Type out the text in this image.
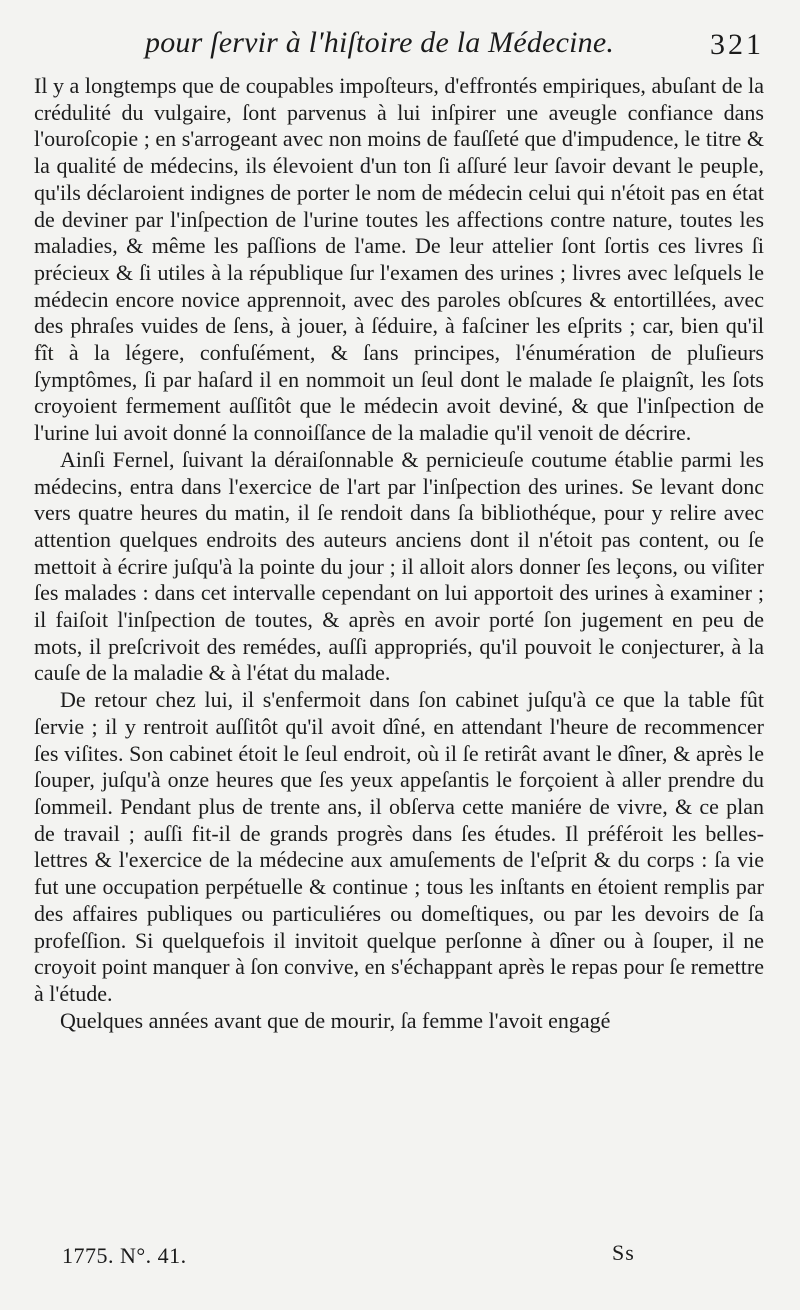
pour ſervir à l'hiſtoire de la Médecine.	321

Il y a longtemps que de coupables impoſteurs, d'effrontés empiriques, abuſant de la crédulité du vulgaire, ſont parvenus à lui inſpirer une aveugle confiance dans l'ouroſcopie ; en s'arrogeant avec non moins de fauſſeté que d'impudence, le titre & la qualité de médecins, ils élevoient d'un ton ſi aſſuré leur ſavoir devant le peuple, qu'ils déclaroient indignes de porter le nom de médecin celui qui n'étoit pas en état de deviner par l'inſpection de l'urine toutes les affections contre nature, toutes les maladies, & même les paſſions de l'ame. De leur attelier ſont ſortis ces livres ſi précieux & ſi utiles à la république ſur l'examen des urines ; livres avec leſquels le médecin encore novice apprennoit, avec des paroles obſcures & entortillées, avec des phraſes vuides de ſens, à jouer, à ſéduire, à faſciner les eſprits ; car, bien qu'il fît à la légere, confuſément, & ſans principes, l'énumération de pluſieurs ſymptômes, ſi par haſard il en nommoit un ſeul dont le malade ſe plaignît, les ſots croyoient fermement auſſitôt que le médecin avoit deviné, & que l'inſpection de l'urine lui avoit donné la connoiſſance de la maladie qu'il venoit de décrire.

Ainſi Fernel, ſuivant la déraiſonnable & pernicieuſe coutume établie parmi les médecins, entra dans l'exercice de l'art par l'inſpection des urines. Se levant donc vers quatre heures du matin, il ſe rendoit dans ſa bibliothéque, pour y relire avec attention quelques endroits des auteurs anciens dont il n'étoit pas content, ou ſe mettoit à écrire juſqu'à la pointe du jour ; il alloit alors donner ſes leçons, ou viſiter ſes malades : dans cet intervalle cependant on lui apportoit des urines à examiner ; il faiſoit l'inſpection de toutes, & après en avoir porté ſon jugement en peu de mots, il preſcrivoit des remédes, auſſi appropriés, qu'il pouvoit le conjecturer, à la cauſe de la maladie & à l'état du malade.

De retour chez lui, il s'enfermoit dans ſon cabinet juſqu'à ce que la table fût ſervie ; il y rentroit auſſitôt qu'il avoit dîné, en attendant l'heure de recommencer ſes viſites. Son cabinet étoit le ſeul endroit, où il ſe retirât avant le dîner, & après le ſouper, juſqu'à onze heures que ſes yeux appeſantis le forçoient à aller prendre du ſommeil. Pendant plus de trente ans, il obſerva cette maniére de vivre, & ce plan de travail ; auſſi fit-il de grands progrès dans ſes études. Il préféroit les belles-lettres & l'exercice de la médecine aux amuſements de l'eſprit & du corps : ſa vie fut une occupation perpétuelle & continue ; tous les inſtants en étoient remplis par des affaires publiques ou particuliéres ou domeſtiques, ou par les devoirs de ſa profeſſion. Si quelquefois il invitoit quelque perſonne à dîner ou à ſouper, il ne croyoit point manquer à ſon convive, en s'échappant après le repas pour ſe remettre à l'étude.

Quelques années avant que de mourir, ſa femme l'avoit engagé

1775. N°. 41.	Ss
